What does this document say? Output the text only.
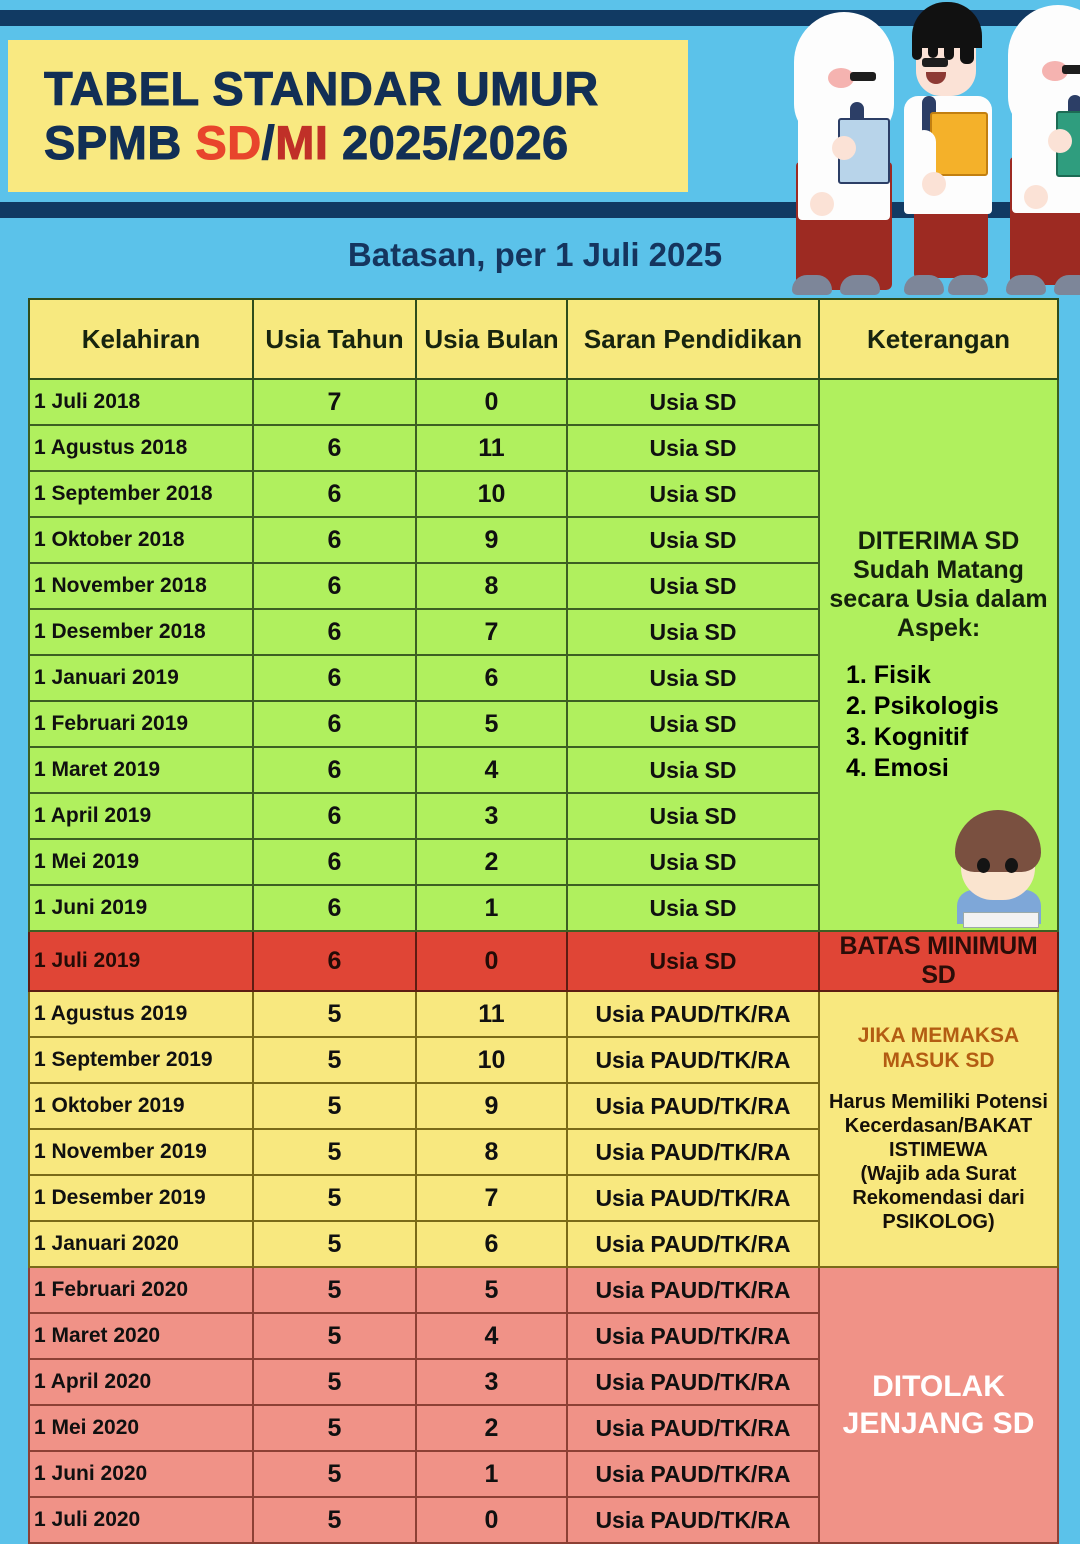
TABEL STANDAR UMUR
SPMB SD/MI 2025/2026
Batasan, per 1 Juli 2025
Kelahiran	Usia Tahun	Usia Bulan	Saran Pendidikan	Keterangan
1 Juli 2018	7	0	Usia SD	
DITERIMA SD
Sudah Matang
secara Usia dalam
Aspek:
1. Fisik
2. Psikologis
3. Kognitif
4. Emosi

1 Agustus 2018	6	11	Usia SD	
1 September 2018	6	10	Usia SD	
1 Oktober 2018	6	9	Usia SD	
1 November 2018	6	8	Usia SD	
1 Desember 2018	6	7	Usia SD	
1 Januari 2019	6	6	Usia SD	
1 Februari 2019	6	5	Usia SD	
1 Maret 2019	6	4	Usia SD	
1 April 2019	6	3	Usia SD	
1 Mei 2019	6	2	Usia SD	
1 Juni 2019	6	1	Usia SD	
1 Juli 2019	6	0	Usia SD	BATAS MINIMUM SD
1 Agustus 2019	5	11	Usia PAUD/TK/RA	
JIKA MEMAKSA
MASUK SD
Harus Memiliki Potensi
Kecerdasan/BAKAT
ISTIMEWA
(Wajib ada Surat
Rekomendasi dari
PSIKOLOG)

1 September 2019	5	10	Usia PAUD/TK/RA	
1 Oktober 2019	5	9	Usia PAUD/TK/RA	
1 November 2019	5	8	Usia PAUD/TK/RA	
1 Desember 2019	5	7	Usia PAUD/TK/RA	
1 Januari 2020	5	6	Usia PAUD/TK/RA	
1 Februari 2020	5	5	Usia PAUD/TK/RA	DITOLAK
JENJANG SD

1 Maret 2020	5	4	Usia PAUD/TK/RA	
1 April 2020	5	3	Usia PAUD/TK/RA	
1 Mei 2020	5	2	Usia PAUD/TK/RA	
1 Juni 2020	5	1	Usia PAUD/TK/RA	
1 Juli 2020	5	0	Usia PAUD/TK/RA	
